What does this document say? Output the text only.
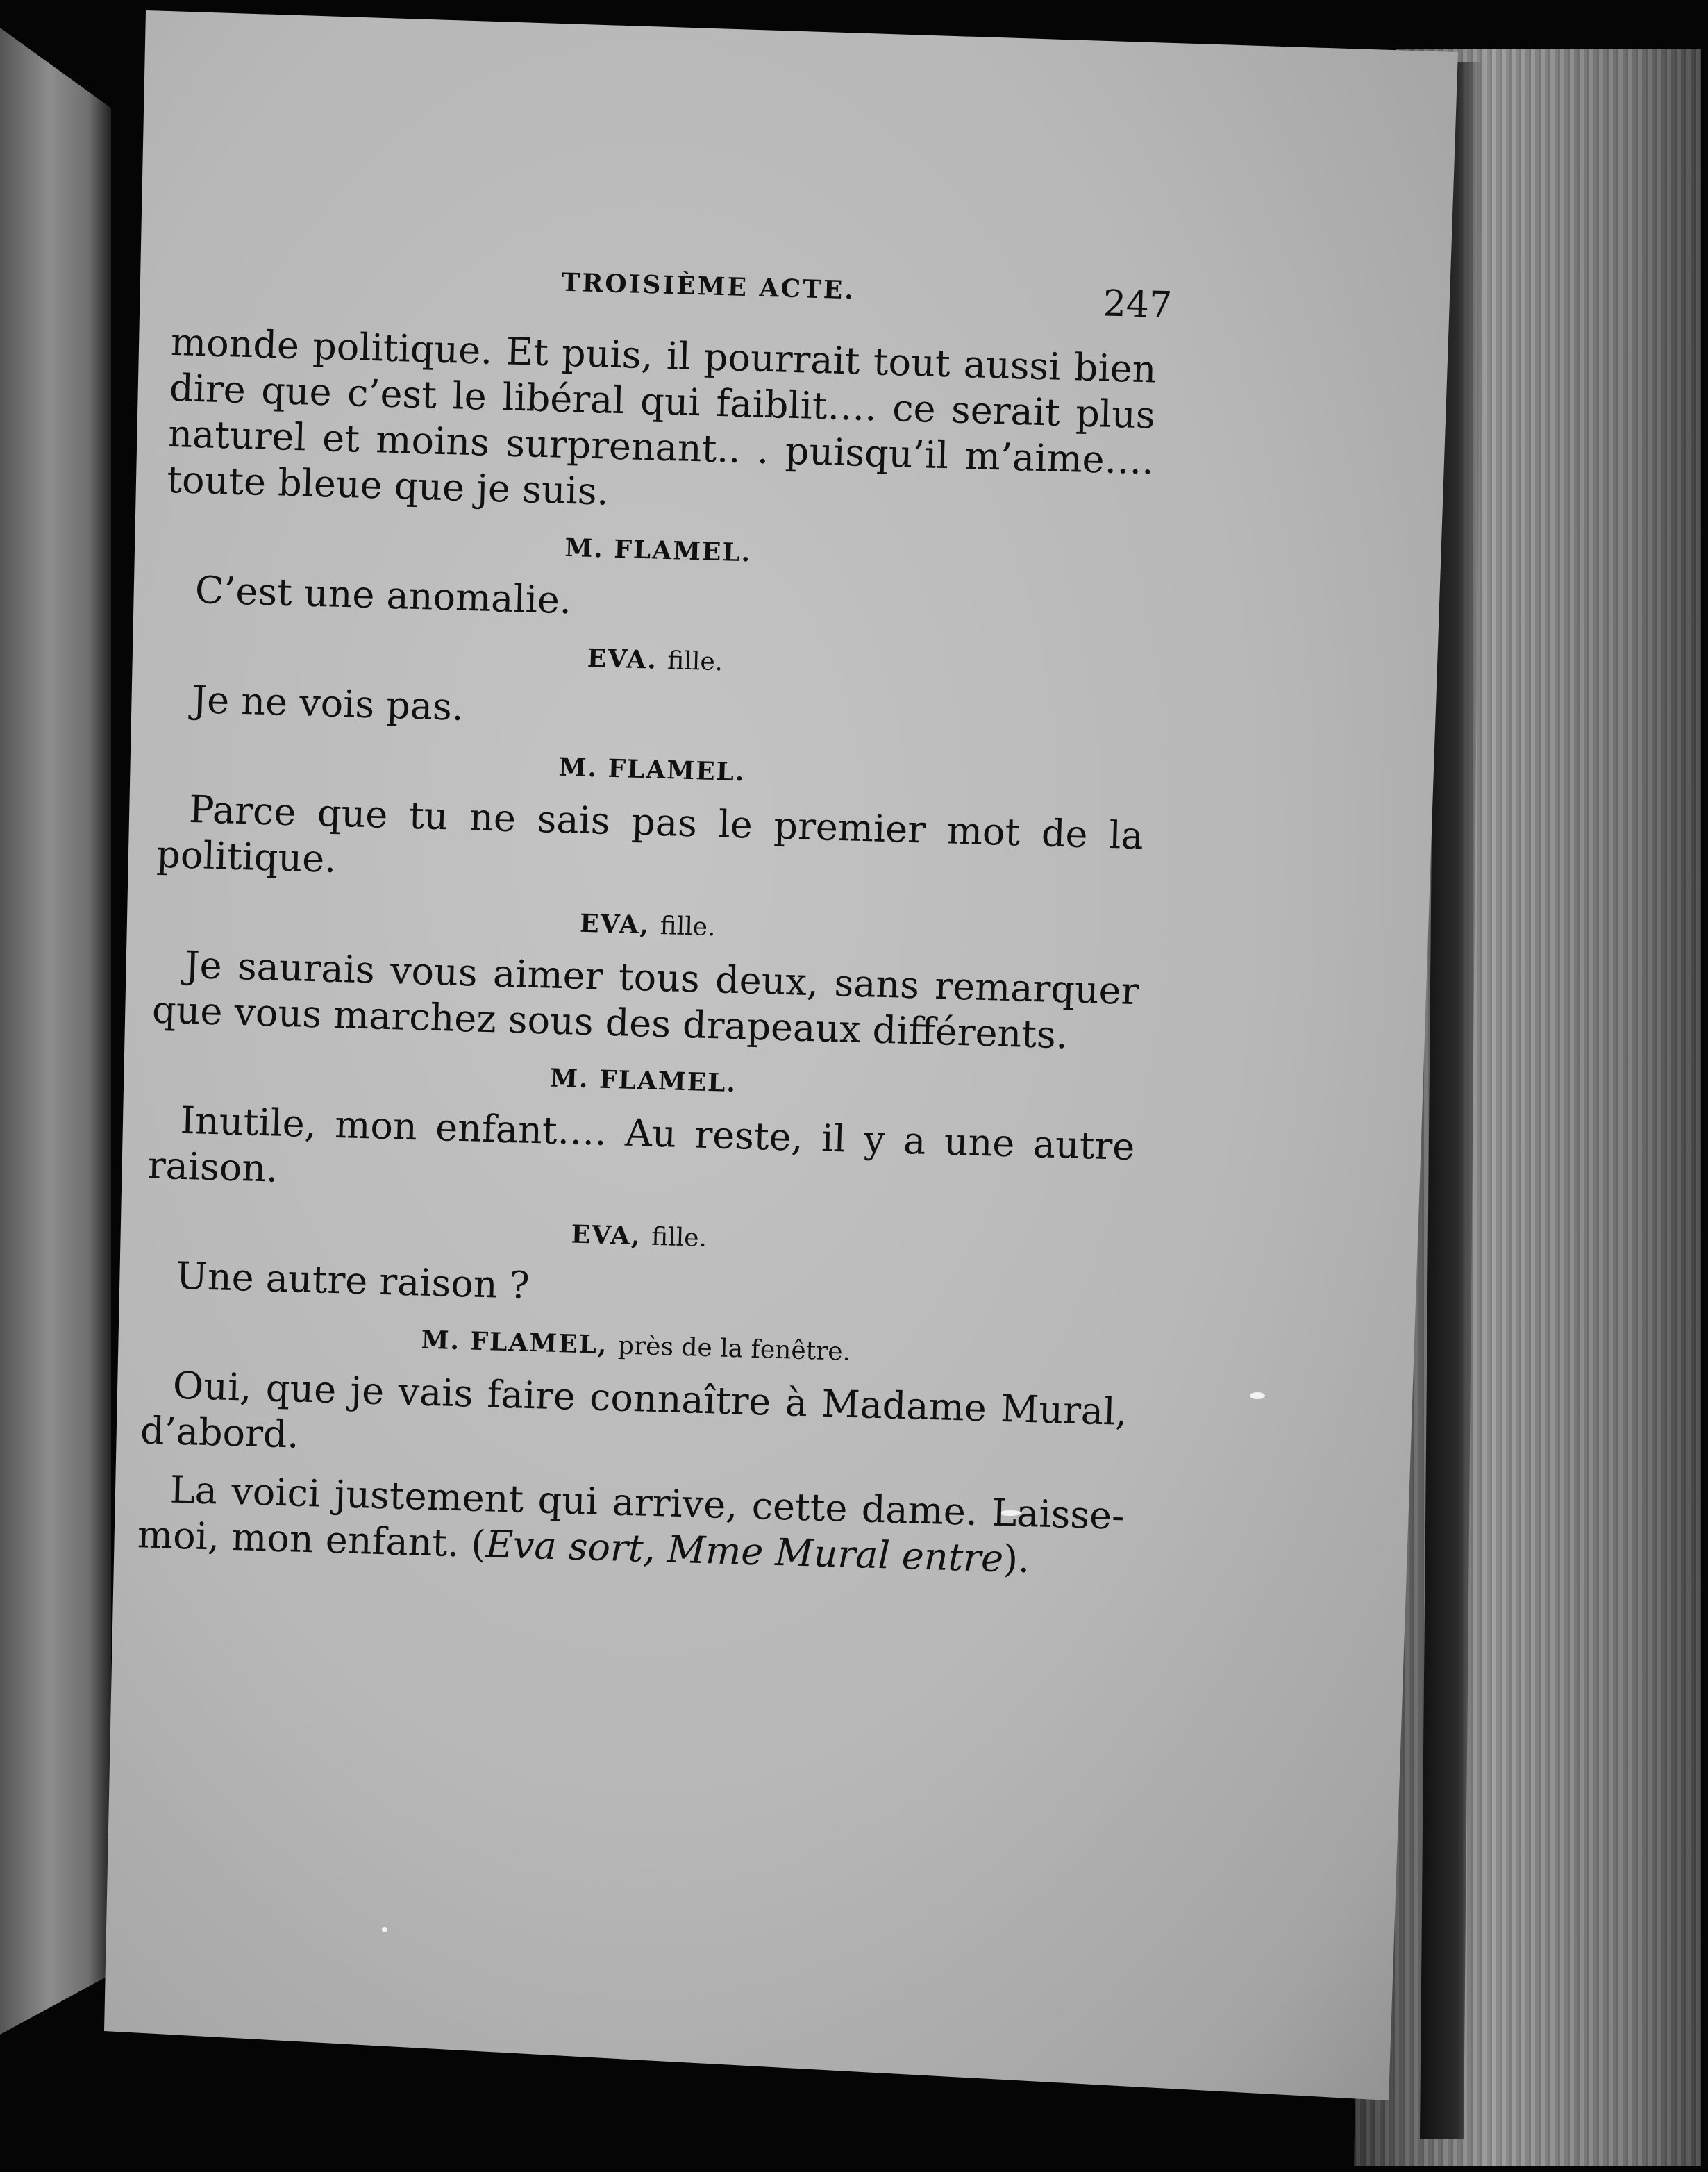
TROISIÈME ACTE.	247

monde politique. Et puis, il pourrait tout aussi bien dire que c’est le libéral qui faiblit…. ce serait plus naturel et moins surprenant.. . puisqu’il m’aime…. toute bleue que je suis.

M. FLAMEL.

C’est une anomalie.

EVA. fille.

Je ne vois pas.

M. FLAMEL.

Parce que tu ne sais pas le premier mot de la politique.

EVA, fille.

Je saurais vous aimer tous deux, sans remarquer que vous marchez sous des drapeaux différents.

M. FLAMEL.

Inutile, mon enfant…. Au reste, il y a une autre raison.

EVA, fille.

Une autre raison ?

M. FLAMEL, près de la fenêtre.

Oui, que je vais faire connaître à Madame Mural, d’abord.

La voici justement qui arrive, cette dame. Laisse-moi, mon enfant. (Eva sort, Mme Mural entre).
